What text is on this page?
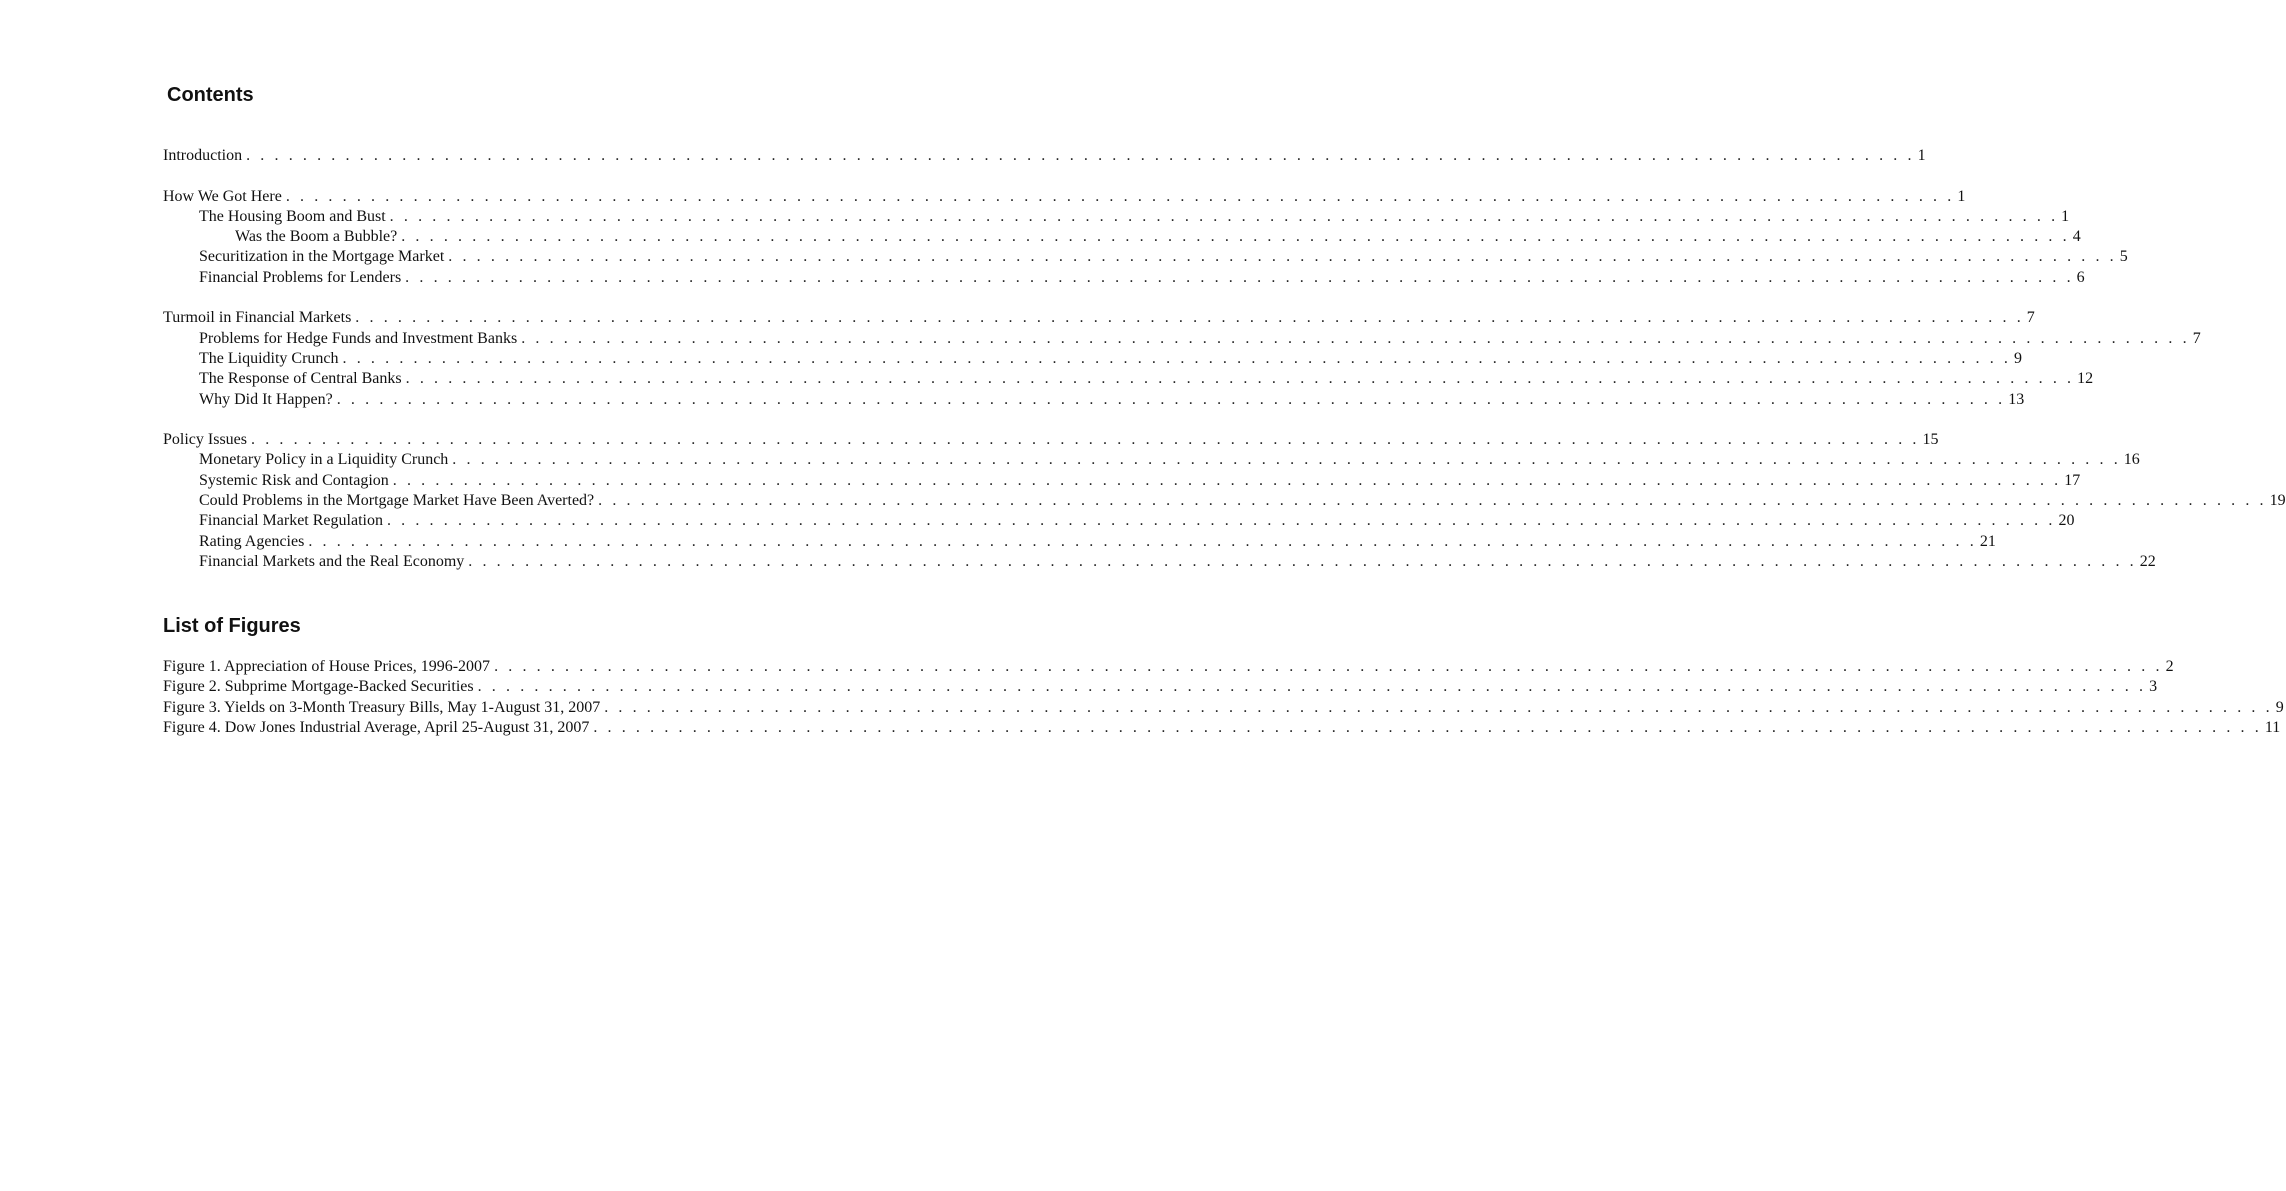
Contents
Introduction . . . . . . . . . . . . . . . . . . . . . . . . . . . . . . . . . . . . . . . . . . . . . . . . . . . . . . . . . . . . . . . . . . . . . . . . . . . . . . . . . . . . . . . . . . . . . . . . . . . . . . . . . . . . . . . . . . . . . . 1
How We Got Here . . . . . . . . . . . . . . . . . . . . . . . . . . . . . . . . . . . . . . . . . . . . . . . . . . . . . . . . . . . . . . . . . . . . . . . . . . . . . . . . . . . . . . . . . . . . . . . . . . . . . . . . . . . . . . . . . . . . . . 1
The Housing Boom and Bust . . . . . . . . . . . . . . . . . . . . . . . . . . . . . . . . . . . . . . . . . . . . . . . . . . . . . . . . . . . . . . . . . . . . . . . . . . . . . . . . . . . . . . . . . . . . . . . . . . . . . . . . . . . . . . . . . . . . . . 1
Was the Boom a Bubble? . . . . . . . . . . . . . . . . . . . . . . . . . . . . . . . . . . . . . . . . . . . . . . . . . . . . . . . . . . . . . . . . . . . . . . . . . . . . . . . . . . . . . . . . . . . . . . . . . . . . . . . . . . . . . . . . . . . . . . 4
Securitization in the Mortgage Market . . . . . . . . . . . . . . . . . . . . . . . . . . . . . . . . . . . . . . . . . . . . . . . . . . . . . . . . . . . . . . . . . . . . . . . . . . . . . . . . . . . . . . . . . . . . . . . . . . . . . . . . . . . . . . . . . . . . . . 5
Financial Problems for Lenders . . . . . . . . . . . . . . . . . . . . . . . . . . . . . . . . . . . . . . . . . . . . . . . . . . . . . . . . . . . . . . . . . . . . . . . . . . . . . . . . . . . . . . . . . . . . . . . . . . . . . . . . . . . . . . . . . . . . . . 6
Turmoil in Financial Markets . . . . . . . . . . . . . . . . . . . . . . . . . . . . . . . . . . . . . . . . . . . . . . . . . . . . . . . . . . . . . . . . . . . . . . . . . . . . . . . . . . . . . . . . . . . . . . . . . . . . . . . . . . . . . . . . . . . . . . 7
Problems for Hedge Funds and Investment Banks . . . . . . . . . . . . . . . . . . . . . . . . . . . . . . . . . . . . . . . . . . . . . . . . . . . . . . . . . . . . . . . . . . . . . . . . . . . . . . . . . . . . . . . . . . . . . . . . . . . . . . . . . . . . . . . . . . . . . . 7
The Liquidity Crunch . . . . . . . . . . . . . . . . . . . . . . . . . . . . . . . . . . . . . . . . . . . . . . . . . . . . . . . . . . . . . . . . . . . . . . . . . . . . . . . . . . . . . . . . . . . . . . . . . . . . . . . . . . . . . . . . . . . . . . 9
The Response of Central Banks . . . . . . . . . . . . . . . . . . . . . . . . . . . . . . . . . . . . . . . . . . . . . . . . . . . . . . . . . . . . . . . . . . . . . . . . . . . . . . . . . . . . . . . . . . . . . . . . . . . . . . . . . . . . . . . . . . . . . . 12
Why Did It Happen? . . . . . . . . . . . . . . . . . . . . . . . . . . . . . . . . . . . . . . . . . . . . . . . . . . . . . . . . . . . . . . . . . . . . . . . . . . . . . . . . . . . . . . . . . . . . . . . . . . . . . . . . . . . . . . . . . . . . . . 13
Policy Issues . . . . . . . . . . . . . . . . . . . . . . . . . . . . . . . . . . . . . . . . . . . . . . . . . . . . . . . . . . . . . . . . . . . . . . . . . . . . . . . . . . . . . . . . . . . . . . . . . . . . . . . . . . . . . . . . . . . . . . 15
Monetary Policy in a Liquidity Crunch . . . . . . . . . . . . . . . . . . . . . . . . . . . . . . . . . . . . . . . . . . . . . . . . . . . . . . . . . . . . . . . . . . . . . . . . . . . . . . . . . . . . . . . . . . . . . . . . . . . . . . . . . . . . . . . . . . . . . . 16
Systemic Risk and Contagion . . . . . . . . . . . . . . . . . . . . . . . . . . . . . . . . . . . . . . . . . . . . . . . . . . . . . . . . . . . . . . . . . . . . . . . . . . . . . . . . . . . . . . . . . . . . . . . . . . . . . . . . . . . . . . . . . . . . . . 17
Could Problems in the Mortgage Market Have Been Averted? . . . . . . . . . . . . . . . . . . . . . . . . . . . . . . . . . . . . . . . . . . . . . . . . . . . . . . . . . . . . . . . . . . . . . . . . . . . . . . . . . . . . . . . . . . . . . . . . . . . . . . . . . . . . . . . . . . . . . . 19
Financial Market Regulation . . . . . . . . . . . . . . . . . . . . . . . . . . . . . . . . . . . . . . . . . . . . . . . . . . . . . . . . . . . . . . . . . . . . . . . . . . . . . . . . . . . . . . . . . . . . . . . . . . . . . . . . . . . . . . . . . . . . . . 20
Rating Agencies . . . . . . . . . . . . . . . . . . . . . . . . . . . . . . . . . . . . . . . . . . . . . . . . . . . . . . . . . . . . . . . . . . . . . . . . . . . . . . . . . . . . . . . . . . . . . . . . . . . . . . . . . . . . . . . . . . . . . . 21
Financial Markets and the Real Economy . . . . . . . . . . . . . . . . . . . . . . . . . . . . . . . . . . . . . . . . . . . . . . . . . . . . . . . . . . . . . . . . . . . . . . . . . . . . . . . . . . . . . . . . . . . . . . . . . . . . . . . . . . . . . . . . . . . . . . 22
List of Figures
Figure 1. Appreciation of House Prices, 1996-2007 . . . . . . . . . . . . . . . . . . . . . . . . . . . . . . . . . . . . . . . . . . . . . . . . . . . . . . . . . . . . . . . . . . . . . . . . . . . . . . . . . . . . . . . . . . . . . . . . . . . . . . . . . . . . . . . . . . . . . . 2
Figure 2. Subprime Mortgage-Backed Securities . . . . . . . . . . . . . . . . . . . . . . . . . . . . . . . . . . . . . . . . . . . . . . . . . . . . . . . . . . . . . . . . . . . . . . . . . . . . . . . . . . . . . . . . . . . . . . . . . . . . . . . . . . . . . . . . . . . . . . 3
Figure 3. Yields on 3-Month Treasury Bills, May 1-August 31, 2007 . . . . . . . . . . . . . . . . . . . . . . . . . . . . . . . . . . . . . . . . . . . . . . . . . . . . . . . . . . . . . . . . . . . . . . . . . . . . . . . . . . . . . . . . . . . . . . . . . . . . . . . . . . . . . . . . . . . . . . 9
Figure 4. Dow Jones Industrial Average, April 25-August 31, 2007 . . . . . . . . . . . . . . . . . . . . . . . . . . . . . . . . . . . . . . . . . . . . . . . . . . . . . . . . . . . . . . . . . . . . . . . . . . . . . . . . . . . . . . . . . . . . . . . . . . . . . . . . . . . . . . . . . . . . . . 11
